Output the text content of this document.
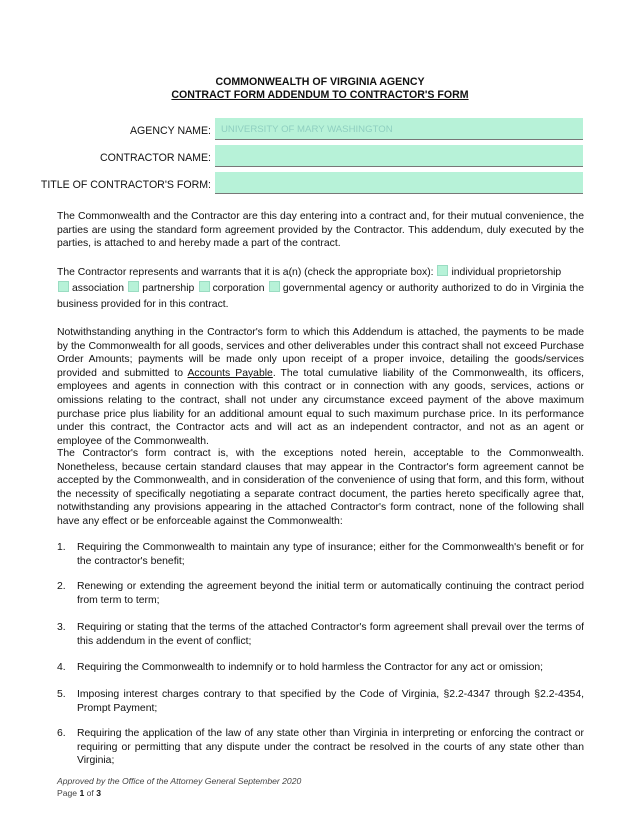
COMMONWEALTH OF VIRGINIA AGENCY
CONTRACT FORM ADDENDUM TO CONTRACTOR'S FORM
AGENCY NAME:	UNIVERSITY OF MARY WASHINGTON
CONTRACTOR NAME:
TITLE OF CONTRACTOR'S FORM:

The Commonwealth and the Contractor are this day entering into a contract and, for their mutual convenience, the parties are using the standard form agreement provided by the Contractor. This addendum, duly executed by the parties, is attached to and hereby made a part of the contract.

The Contractor represents and warrants that it is a(n) (check the appropriate box): individual proprietorship
association partnership corporation governmental agency or authority authorized to do in Virginia the business provided for in this contract.

Notwithstanding anything in the Contractor's form to which this Addendum is attached, the payments to be made by the Commonwealth for all goods, services and other deliverables under this contract shall not exceed Purchase Order Amounts; payments will be made only upon receipt of a proper invoice, detailing the goods/services provided and submitted to Accounts Payable. The total cumulative liability of the Commonwealth, its officers, employees and agents in connection with this contract or in connection with any goods, services, actions or omissions relating to the contract, shall not under any circumstance exceed payment of the above maximum purchase price plus liability for an additional amount equal to such maximum purchase price. In its performance under this contract, the Contractor acts and will act as an independent contractor, and not as an agent or employee of the Commonwealth.

The Contractor's form contract is, with the exceptions noted herein, acceptable to the Commonwealth. Nonetheless, because certain standard clauses that may appear in the Contractor's form agreement cannot be accepted by the Commonwealth, and in consideration of the convenience of using that form, and this form, without the necessity of specifically negotiating a separate contract document, the parties hereto specifically agree that, notwithstanding any provisions appearing in the attached Contractor's form contract, none of the following shall have any effect or be enforceable against the Commonwealth:

1. Requiring the Commonwealth to maintain any type of insurance; either for the Commonwealth's benefit or for the contractor's benefit;
2. Renewing or extending the agreement beyond the initial term or automatically continuing the contract period from term to term;
3. Requiring or stating that the terms of the attached Contractor's form agreement shall prevail over the terms of this addendum in the event of conflict;
4. Requiring the Commonwealth to indemnify or to hold harmless the Contractor for any act or omission;
5. Imposing interest charges contrary to that specified by the Code of Virginia, §2.2-4347 through §2.2-4354, Prompt Payment;
6. Requiring the application of the law of any state other than Virginia in interpreting or enforcing the contract or requiring or permitting that any dispute under the contract be resolved in the courts of any state other than Virginia;
Approved by the Office of the Attorney General September 2020
Page 1 of 3
